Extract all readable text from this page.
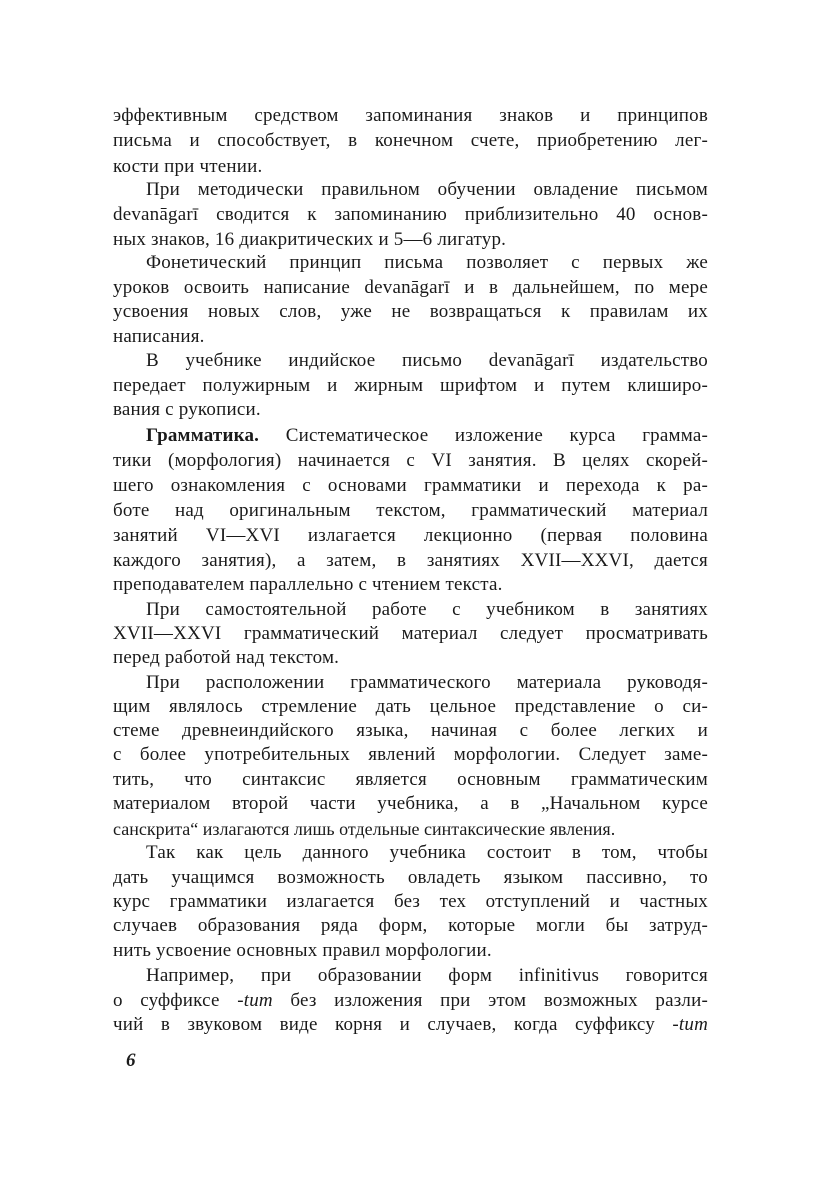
эффективным средством запоминания знаков и принципов
письма и способствует, в конечном счете, приобретению лег-
кости при чтении.
При методически правильном обучении овладение письмом
devanāgarī сводится к запоминанию приблизительно 40 основ-
ных знаков, 16 диакритических и 5—6 лигатур.
Фонетический принцип письма позволяет с первых же
уроков освоить написание devanāgarī и в дальнейшем, по мере
усвоения новых слов, уже не возвращаться к правилам их
написания.
В учебнике индийское письмо devanāgarī издательство
передает полужирным и жирным шрифтом и путем клиширо-
вания с рукописи.
Грамматика. Систематическое изложение курса грамма-
тики (морфология) начинается с VI занятия. В целях скорей-
шего ознакомления с основами грамматики и перехода к ра-
боте над оригинальным текстом, грамматический материал
занятий VI—XVI излагается лекционно (первая половина
каждого занятия), а затем, в занятиях XVII—XXVI, дается
преподавателем параллельно с чтением текста.
При самостоятельной работе с учебником в занятиях
XVII—XXVI грамматический материал следует просматривать
перед работой над текстом.
При расположении грамматического материала руководя-
щим являлось стремление дать цельное представление о си-
стеме древнеиндийского языка, начиная с более легких и
с более употребительных явлений морфологии. Следует заме-
тить, что синтаксис является основным грамматическим
материалом второй части учебника, а в „Начальном курсе
санскрита“ излагаются лишь отдельные синтаксические явления.
Так как цель данного учебника состоит в том, чтобы
дать учащимся возможность овладеть языком пассивно, то
курс грамматики излагается без тех отступлений и частных
случаев образования ряда форм, которые могли бы затруд-
нить усвоение основных правил морфологии.
Например, при образовании форм infinitivus говорится
о суффиксе -tum без изложения при этом возможных разли-
чий в звуковом виде корня и случаев, когда суффиксу -tum
6
